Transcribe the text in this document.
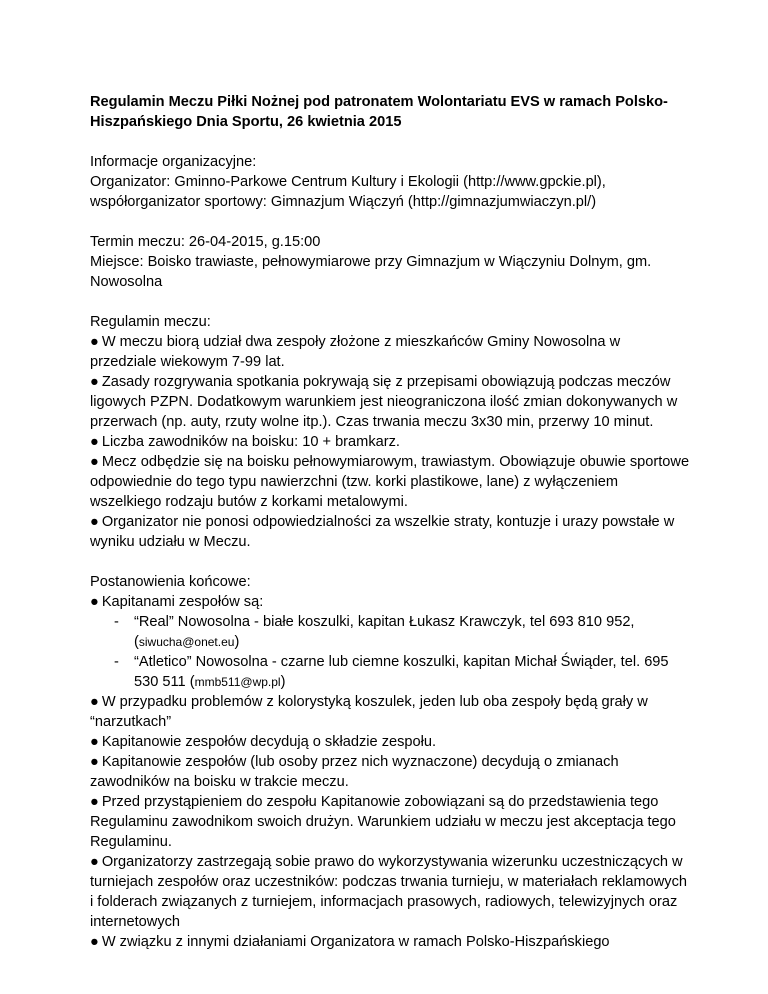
Regulamin Meczu Piłki Nożnej pod patronatem Wolontariatu EVS w ramach Polsko-Hiszpańskiego Dnia Sportu, 26 kwietnia 2015

Informacje organizacyjne:

Organizator: Gminno-Parkowe Centrum Kultury i Ekologii (http://www.gpckie.pl), współorganizator sportowy: Gimnazjum Wiączyń (http://gimnazjumwiaczyn.pl/)

Termin meczu: 26-04-2015, g.15:00

Miejsce: Boisko trawiaste, pełnowymiarowe przy Gimnazjum w Wiączyniu Dolnym, gm. Nowosolna

Regulamin meczu:

● W meczu biorą udział dwa zespoły złożone z mieszkańców Gminy Nowosolna w przedziale wiekowym 7-99 lat.

● Zasady rozgrywania spotkania pokrywają się z przepisami obowiązują podczas meczów ligowych PZPN. Dodatkowym warunkiem jest nieograniczona ilość zmian dokonywanych w przerwach (np. auty, rzuty wolne itp.). Czas trwania meczu 3x30 min, przerwy 10 minut.

● Liczba zawodników na boisku: 10 + bramkarz.

● Mecz odbędzie się na boisku pełnowymiarowym, trawiastym. Obowiązuje obuwie sportowe odpowiednie do tego typu nawierzchni (tzw. korki plastikowe, lane) z wyłączeniem wszelkiego rodzaju butów z korkami metalowymi.

● Organizator nie ponosi odpowiedzialności za wszelkie straty, kontuzje i urazy powstałe w wyniku udziału w Meczu.

Postanowienia końcowe:

● Kapitanami zespołów są:

- “Real” Nowosolna - białe koszulki, kapitan Łukasz Krawczyk, tel 693 810 952, (siwucha@onet.eu)

- “Atletico” Nowosolna - czarne lub ciemne koszulki, kapitan Michał Świąder, tel. 695 530 511 (mmb511@wp.pl)

● W przypadku problemów z kolorystyką koszulek, jeden lub oba zespoły będą grały w “narzutkach”

● Kapitanowie zespołów decydują o składzie zespołu.

● Kapitanowie zespołów (lub osoby przez nich wyznaczone) decydują o zmianach zawodników na boisku w trakcie meczu.

● Przed przystąpieniem do zespołu Kapitanowie zobowiązani są do przedstawienia tego Regulaminu zawodnikom swoich drużyn. Warunkiem udziału w meczu jest akceptacja tego Regulaminu.

● Organizatorzy zastrzegają sobie prawo do wykorzystywania wizerunku uczestniczących w turniejach zespołów oraz uczestników: podczas trwania turnieju, w materiałach reklamowych i folderach związanych z turniejem, informacjach prasowych, radiowych, telewizyjnych oraz internetowych

● W związku z innymi działaniami Organizatora w ramach Polsko-Hiszpańskiego
